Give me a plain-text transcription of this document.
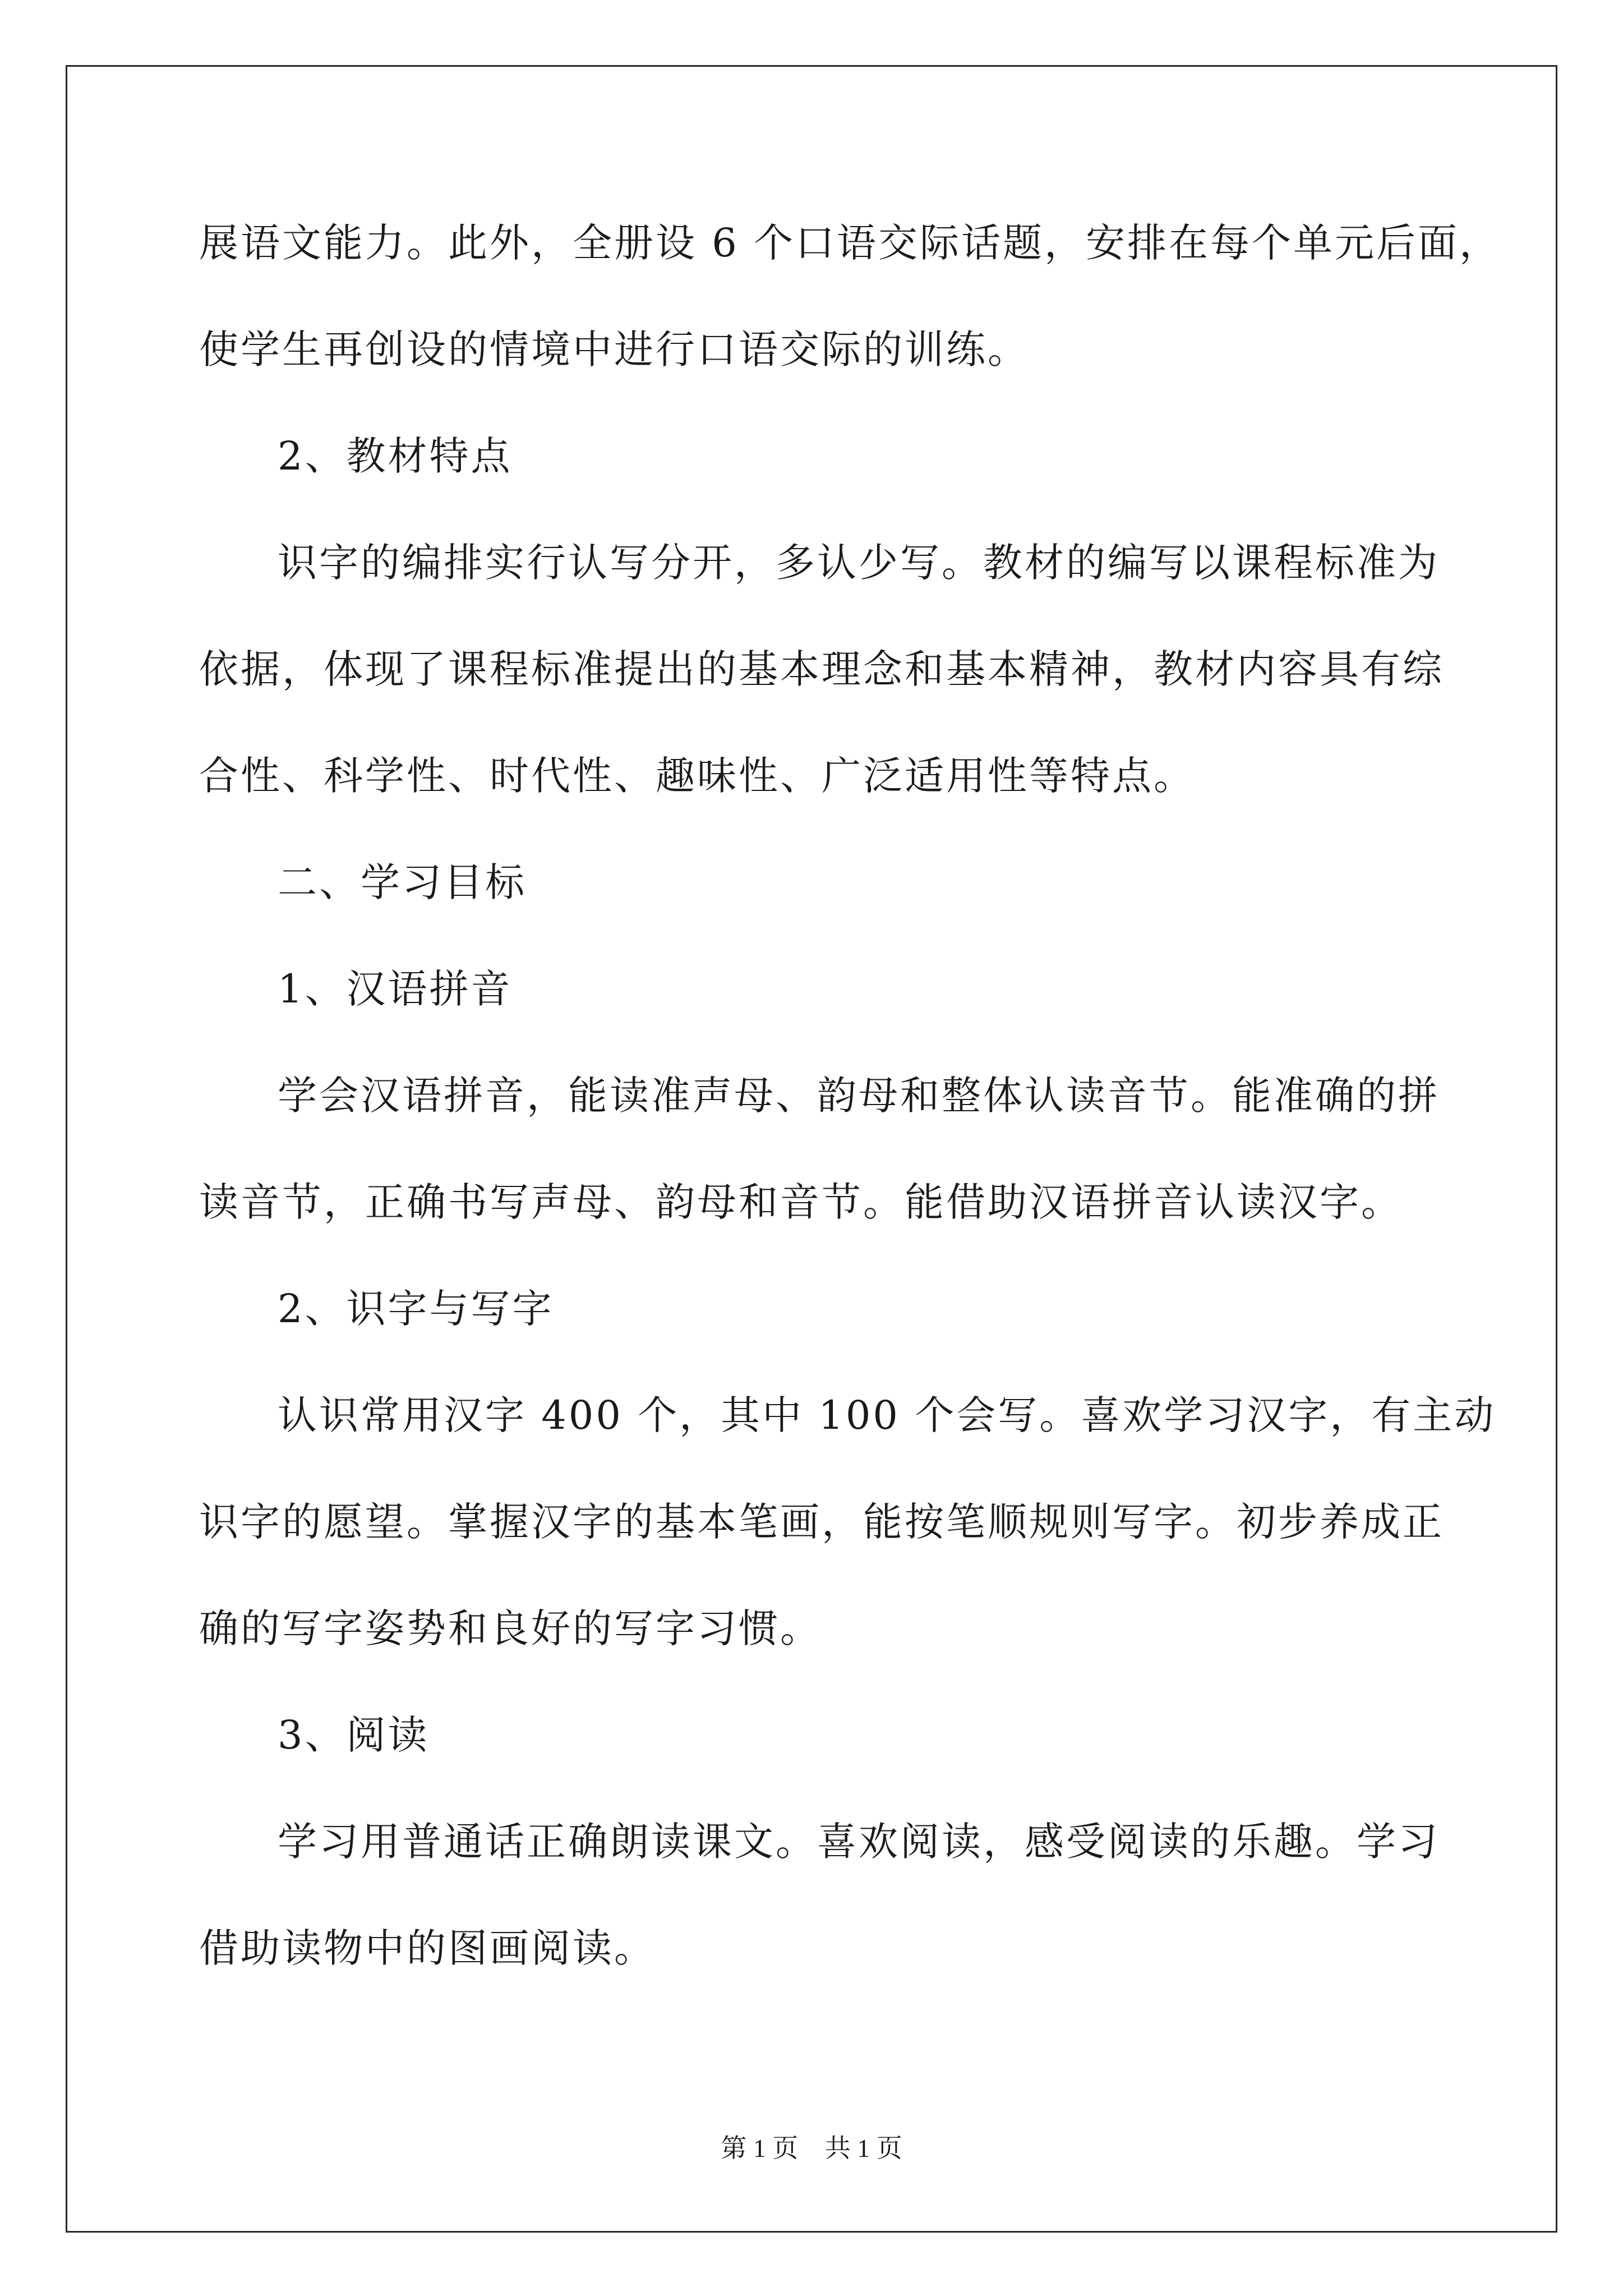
展语文能力。此外，全册设 6 个口语交际话题，安排在每个单元后面，
使学生再创设的情境中进行口语交际的训练。
2、教材特点
识字的编排实行认写分开，多认少写。教材的编写以课程标准为
依据，体现了课程标准提出的基本理念和基本精神，教材内容具有综
合性、科学性、时代性、趣味性、广泛适用性等特点。
二、学习目标
1、汉语拼音
学会汉语拼音，能读准声母、韵母和整体认读音节。能准确的拼
读音节，正确书写声母、韵母和音节。能借助汉语拼音认读汉字。
2、识字与写字
认识常用汉字 400 个，其中 100 个会写。喜欢学习汉字，有主动
识字的愿望。掌握汉字的基本笔画，能按笔顺规则写字。初步养成正
确的写字姿势和良好的写字习惯。
3、阅读
学习用普通话正确朗读课文。喜欢阅读，感受阅读的乐趣。学习
借助读物中的图画阅读。
第 1 页 共 1 页
